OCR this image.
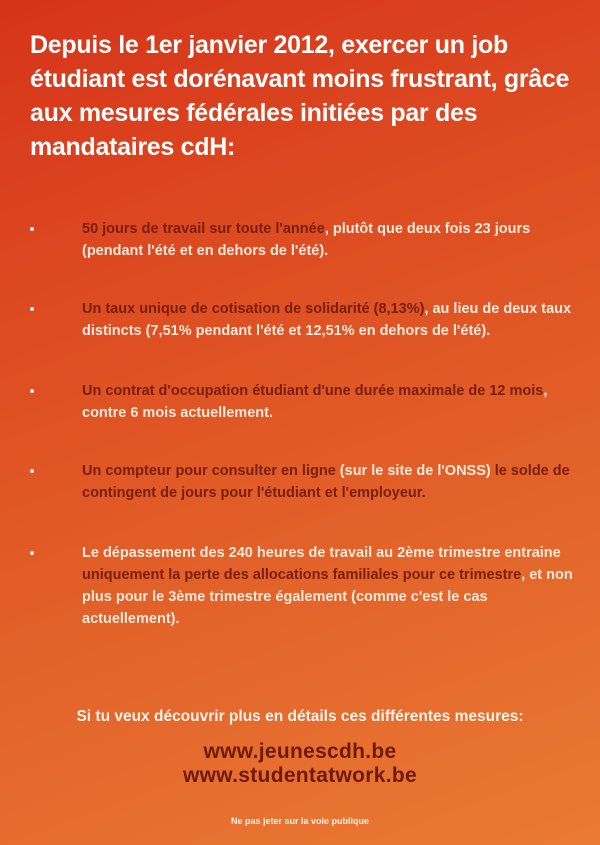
Depuis le 1er janvier 2012, exercer un job étudiant est dorénavant moins frustrant, grâce aux mesures fédérales initiées par des mandataires cdH:
50 jours de travail sur toute l'année, plutôt que deux fois 23 jours (pendant l'été et en dehors de l'été).
Un taux unique de cotisation de solidarité (8,13%), au lieu de deux taux distincts (7,51% pendant l'été et 12,51% en dehors de l'été).
Un contrat d'occupation étudiant d'une durée maximale de 12 mois, contre 6 mois actuellement.
Un compteur pour consulter en ligne (sur le site de l'ONSS) le solde de contingent de jours pour l'étudiant et l'employeur.
Le dépassement des 240 heures de travail au 2ème trimestre entraine uniquement la perte des allocations familiales pour ce trimestre, et non plus pour le 3ème trimestre également (comme c'est le cas actuellement).
Si tu veux découvrir plus en détails ces différentes mesures:
www.jeunescdh.be
www.studentatwork.be
Ne pas jeter sur la voie publique
